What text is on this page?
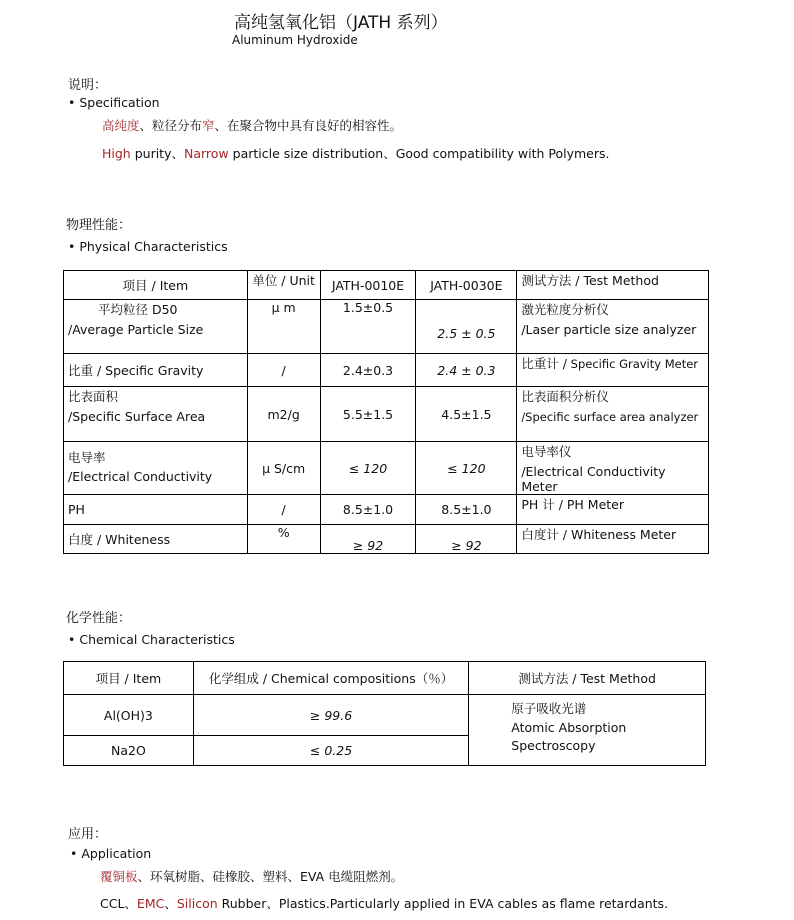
高纯氢氧化铝（JATH 系列）
Aluminum Hydroxide
说明：
• Specification
高纯度、粒径分布窄、在聚合物中具有良好的相容性。
High purity、Narrow particle size distribution、Good compatibility with Polymers.
物理性能：
• Physical Characteristics
项目 / Item	单位 / Unit	JATH-0010E	JATH-0030E	测试方法 / Test Method

平均粒径 D50
/Average Particle Size	μ m	1.5±0.5	2.5 ± 0.5	激光粒度分析仪
/Laser particle size analyzer

比重 / Specific Gravity	/	2.4±0.3	2.4 ± 0.3	比重计 / Specific Gravity Meter

比表面积
/Specific Surface Area	m2/g	5.5±1.5	4.5±1.5	比表面积分析仪
/Specific surface area analyzer

电导率
/Electrical Conductivity	μ S/cm	≤ 120	≤ 120	电导率仪
/Electrical Conductivity Meter

PH	/	8.5±1.0	8.5±1.0	PH 计 / PH Meter
白度 / Whiteness	%	≥ 92	≥ 92	白度计 / Whiteness Meter
化学性能：
• Chemical Characteristics
项目 / Item	化学组成 / Chemical compositions（％）	测试方法 / Test Method
Al(OH)3	≥ 99.6	原子吸收光谱
Atomic Absorption
Spectroscopy

Na2O	≤ 0.25	
应用：
• Application
覆铜板、环氧树脂、硅橡胶、塑料、EVA 电缆阻燃剂。
CCL、EMC、Silicon Rubber、Plastics.Particularly applied in EVA cables as flame retardants.
